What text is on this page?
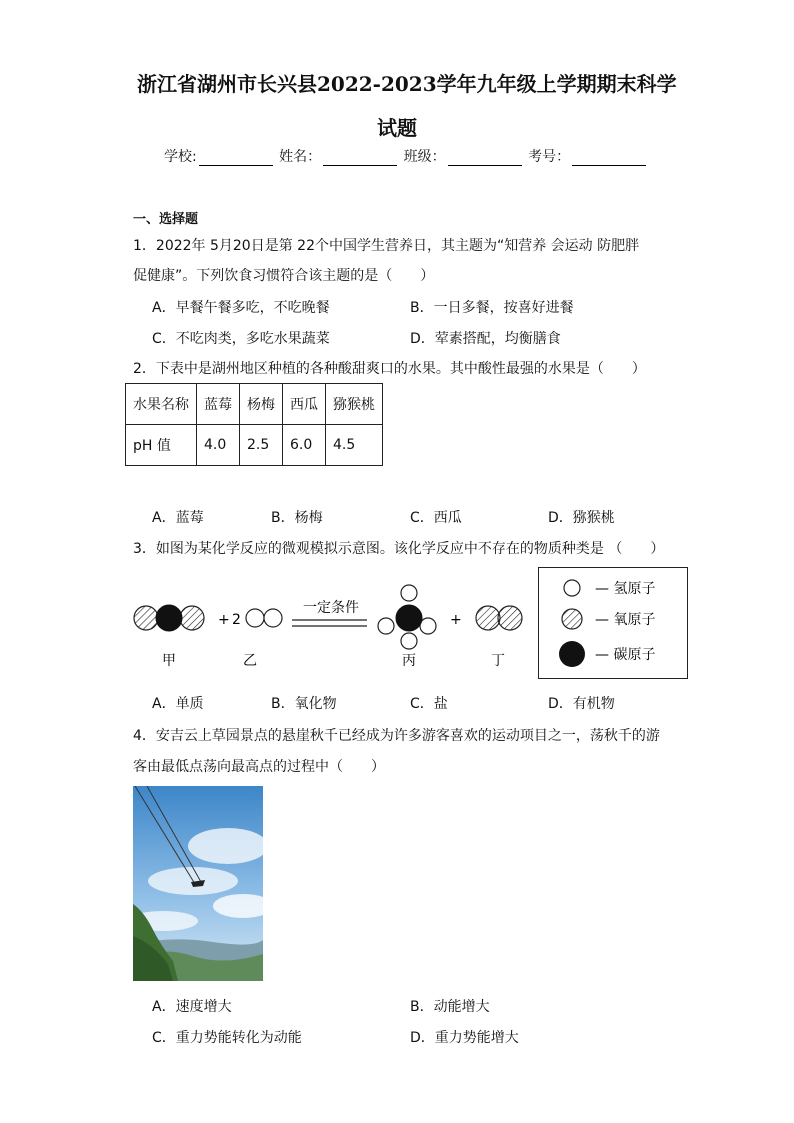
浙江省湖州市长兴县2022-2023学年九年级上学期期末科学
试题
学校:	姓名：	班级：	考号：
一、选择题
1．2022年 5月20日是第 22个中国学生营养日，其主题为“知营养 会运动 防肥胖
促健康”。下列饮食习惯符合该主题的是（　　）
A．早餐午餐多吃，不吃晚餐	B．一日多餐，按喜好进餐
C．不吃肉类，多吃水果蔬菜	D．荤素搭配，均衡膳食
2．下表中是湖州地区种植的各种酸甜爽口的水果。其中酸性最强的水果是（　　）
水果名称	蓝莓	杨梅	西瓜	猕猴桃
pH 值	4.0	2.5	6.0	4.5
A．蓝莓	B．杨梅	C．西瓜	D．猕猴桃
3．如图为某化学反应的微观模拟示意图。该化学反应中不存在的物质种类是 （　　）
+ 2
一定条件
+
甲	乙	丙	丁
— 氢原子
— 氧原子
— 碳原子
A．单质	B．氧化物	C．盐	D．有机物
4．安吉云上草园景点的悬崖秋千已经成为许多游客喜欢的运动项目之一，荡秋千的游
客由最低点荡向最高点的过程中（　　）
A．速度增大	B．动能增大
C．重力势能转化为动能	D．重力势能增大
